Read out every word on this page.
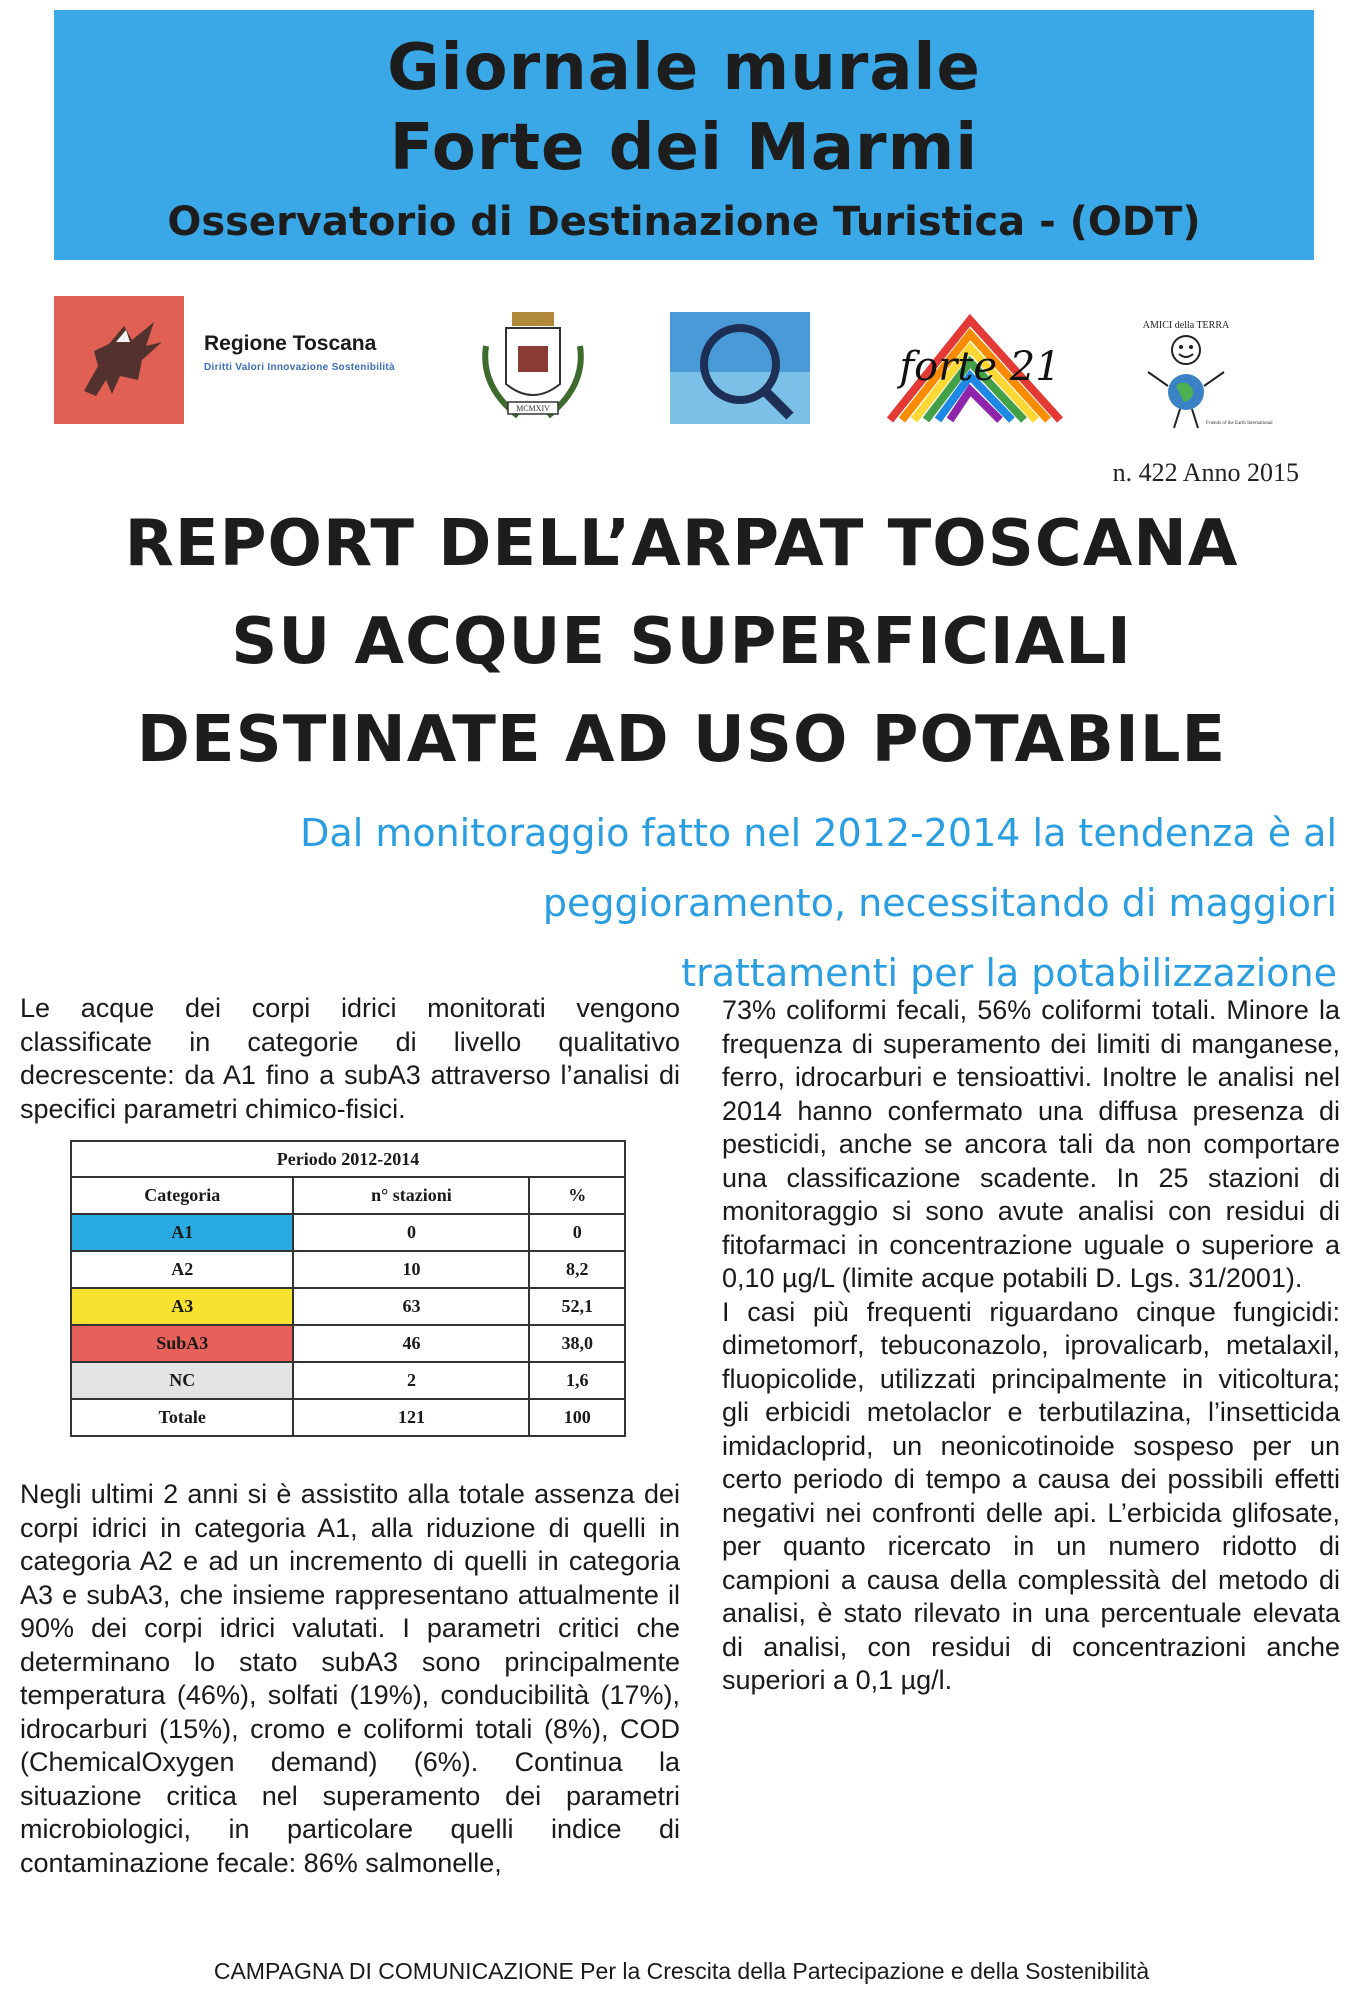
Giornale murale
Forte dei Marmi
Osservatorio di Destinazione Turistica - (ODT)
Regione Toscana
Diritti Valori Innovazione Sostenibilità
MCMXIV
forte 21
AMICI della TERRA
Friends of the Earth International
n. 422 Anno 2015
REPORT DELL’ARPAT TOSCANA
SU ACQUE SUPERFICIALI
DESTINATE AD USO POTABILE
Dal monitoraggio fatto nel 2012-2014 la tendenza è al
peggioramento, necessitando di maggiori
trattamenti per la potabilizzazione

Le acque dei corpi idrici monitorati vengono classificate in categorie di livello qualitativo decrescente: da A1 fino a subA3 attraverso l’analisi di specifici parametri chimico-fisici.

Periodo 2012-2014		
Categoria	n° stazioni	%
A1	0	0
A2	10	8,2
A3	63	52,1
SubA3	46	38,0
NC	2	1,6
Totale	121	100

Negli ultimi 2 anni si è assistito alla totale assenza dei corpi idrici in categoria A1, alla riduzione di quelli in categoria A2 e ad un incremento di quelli in categoria A3 e subA3, che insieme rappresentano attualmente il 90% dei corpi idrici valutati. I parametri critici che determinano lo stato subA3 sono principalmente temperatura (46%), solfati (19%), conducibilità (17%), idrocarburi (15%), cromo e coliformi totali (8%), COD (ChemicalOxygen demand) (6%). Continua la situazione critica nel superamento dei parametri microbiologici, in particolare quelli indice di contaminazione fecale: 86% salmonelle,

73% coliformi fecali, 56% coliformi totali. Minore la frequenza di superamento dei limiti di manganese, ferro, idrocarburi e tensioattivi. Inoltre le analisi nel 2014 hanno confermato una diffusa presenza di pesticidi, anche se ancora tali da non comportare una classificazione scadente. In 25 stazioni di monitoraggio si sono avute analisi con residui di fitofarmaci in concentrazione uguale o superiore a 0,10 µg/L (limite acque potabili D. Lgs. 31/2001).

I casi più frequenti riguardano cinque fungicidi: dimetomorf, tebuconazolo, iprovalicarb, metalaxil, fluopicolide, utilizzati principalmente in viticoltura; gli erbicidi metolaclor e terbutilazina, l’insetticida imidacloprid, un neonicotinoide sospeso per un certo periodo di tempo a causa dei possibili effetti negativi nei confronti delle api. L’erbicida glifosate, per quanto ricercato in un numero ridotto di campioni a causa della complessità del metodo di analisi, è stato rilevato in una percentuale elevata di analisi, con residui di concentrazioni anche superiori a 0,1 µg/l.

CAMPAGNA DI COMUNICAZIONE Per la Crescita della Partecipazione e della Sostenibilità
